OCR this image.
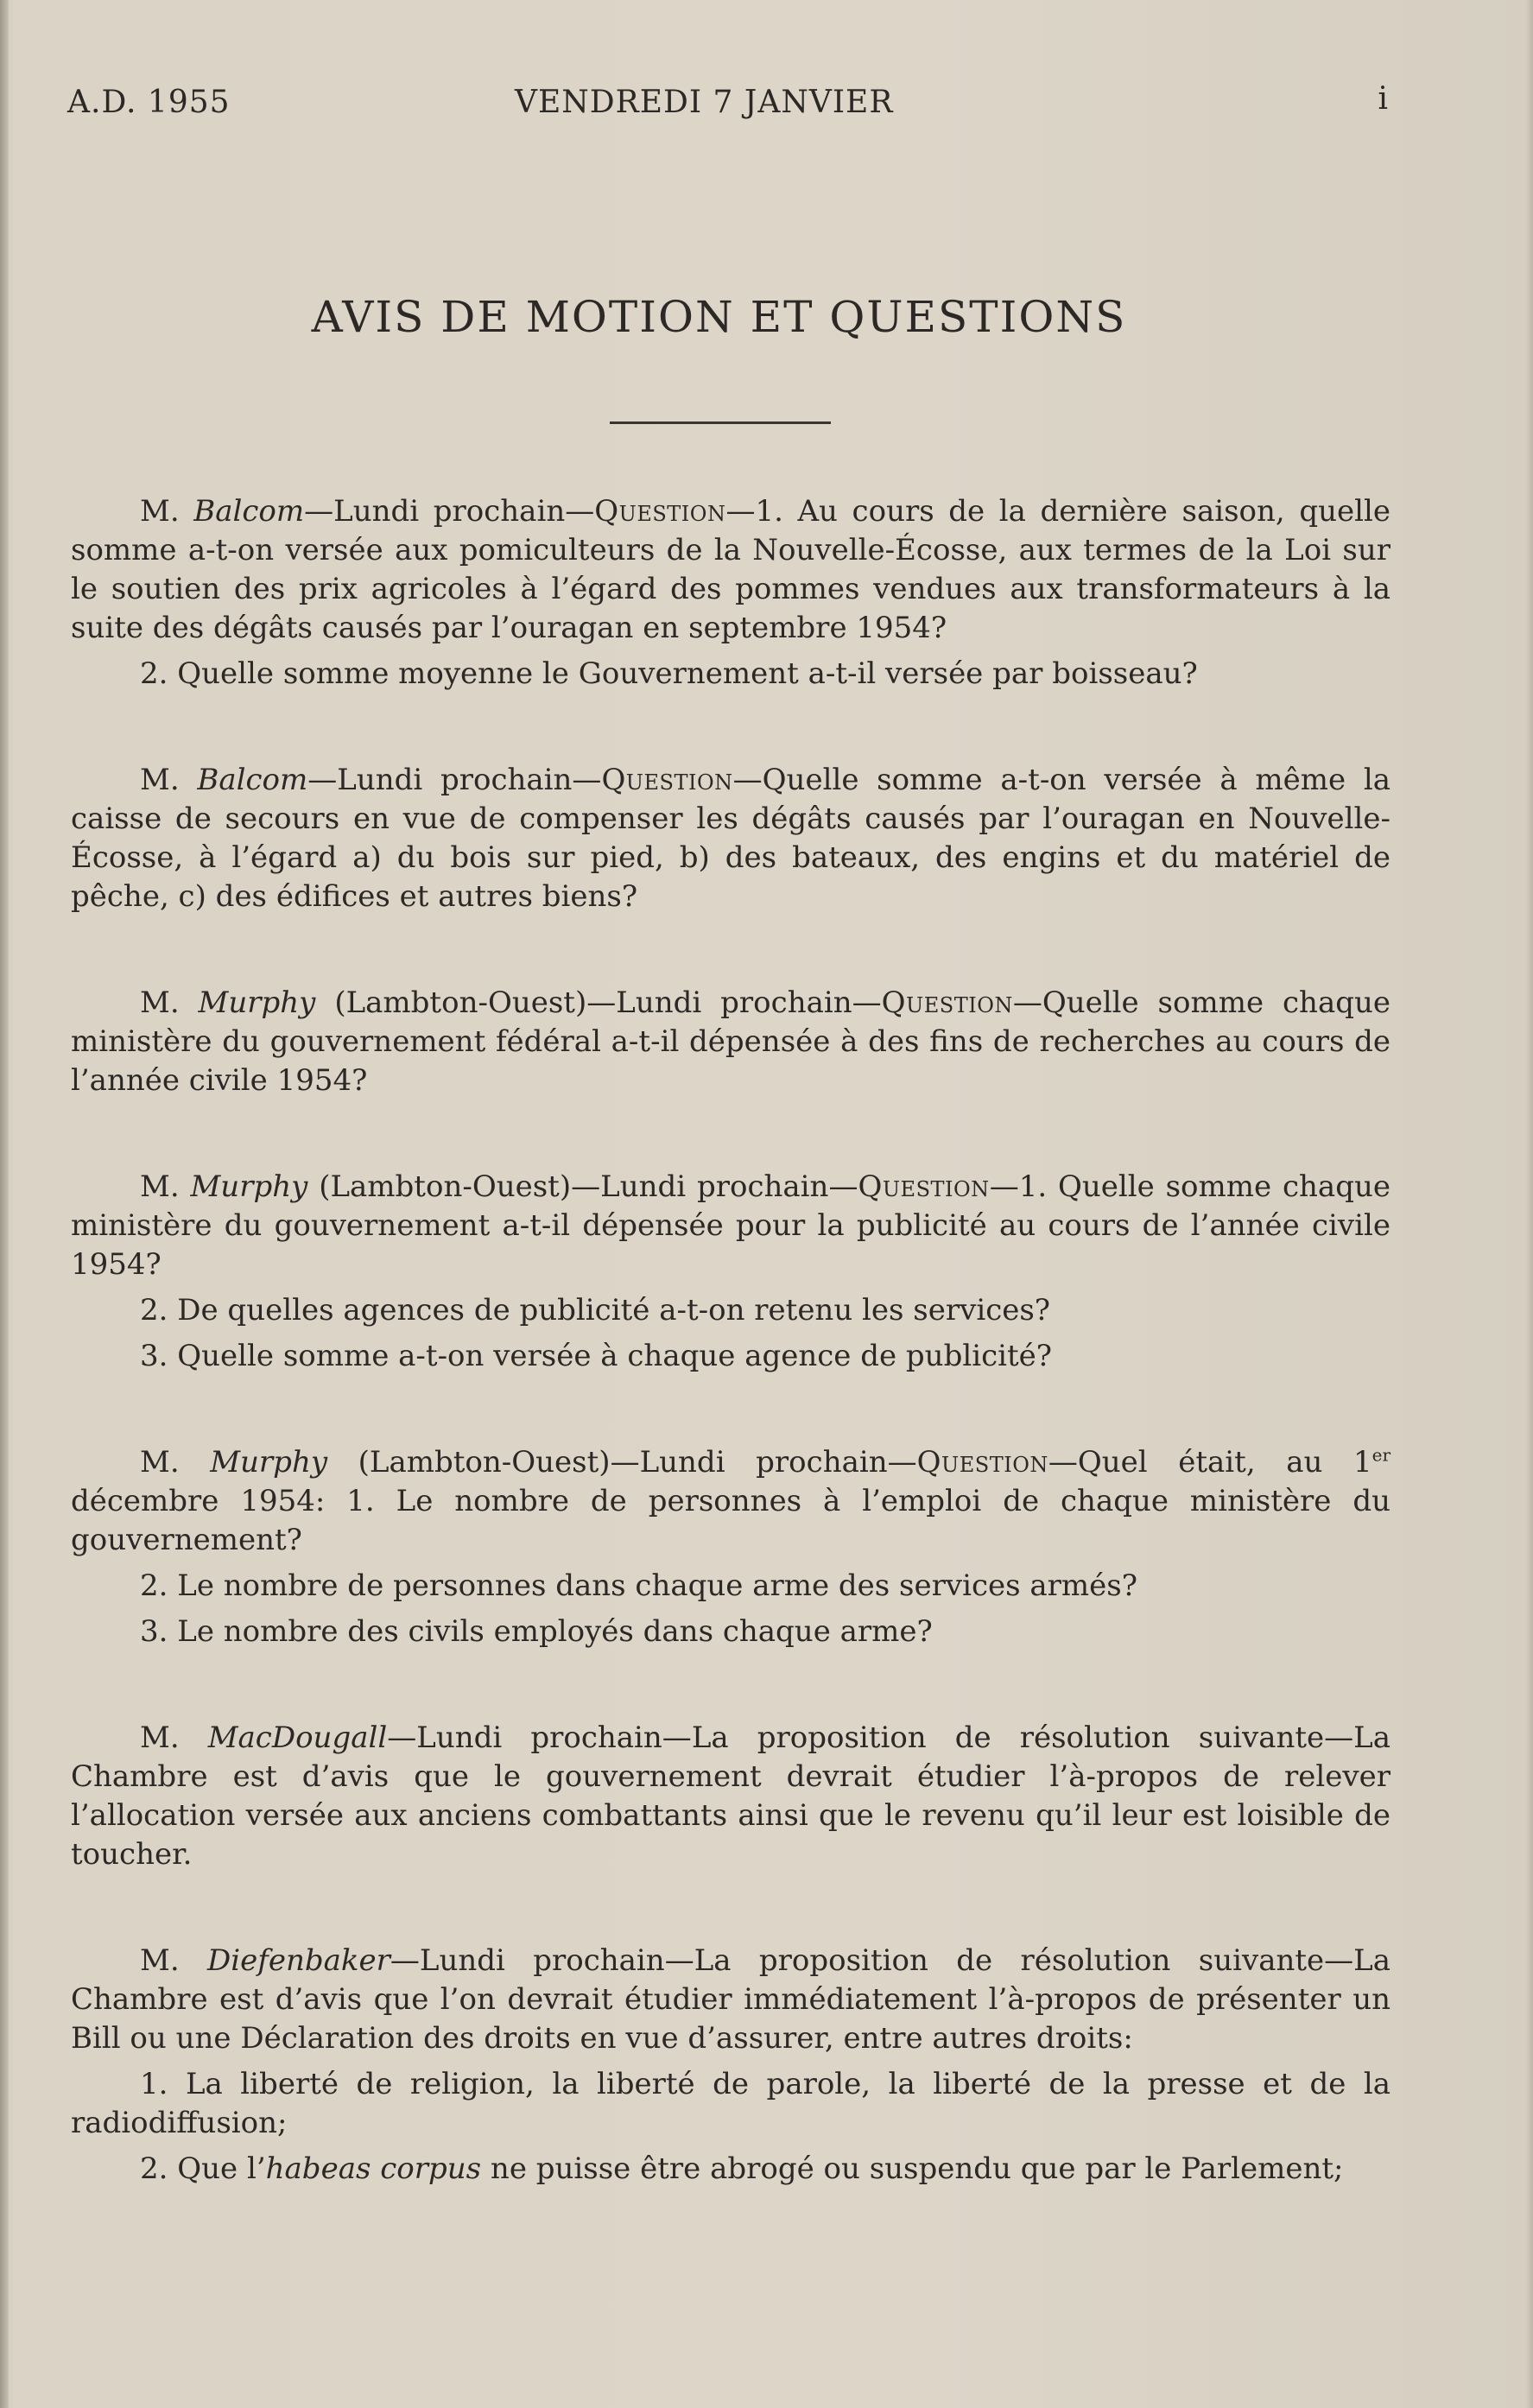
A.D. 1955	VENDREDI 7 JANVIER	i
AVIS DE MOTION ET QUESTIONS

M. Balcom—Lundi prochain—Question—1. Au cours de la dernière saison, quelle somme a-t-on versée aux pomiculteurs de la Nouvelle-Écosse, aux termes de la Loi sur le soutien des prix agricoles à l’égard des pommes vendues aux transformateurs à la suite des dégâts causés par l’ouragan en septembre 1954?

2. Quelle somme moyenne le Gouvernement a-t-il versée par boisseau?

M. Balcom—Lundi prochain—Question—Quelle somme a-t-on versée à même la caisse de secours en vue de compenser les dégâts causés par l’ouragan en Nouvelle-Écosse, à l’égard a) du bois sur pied, b) des bateaux, des engins et du matériel de pêche, c) des édifices et autres biens?

M. Murphy (Lambton-Ouest)—Lundi prochain—Question—Quelle somme chaque ministère du gouvernement fédéral a-t-il dépensée à des fins de recherches au cours de l’année civile 1954?

M. Murphy (Lambton-Ouest)—Lundi prochain—Question—1. Quelle somme chaque ministère du gouvernement a-t-il dépensée pour la publicité au cours de l’année civile 1954?

2. De quelles agences de publicité a-t-on retenu les services?

3. Quelle somme a-t-on versée à chaque agence de publicité?

M. Murphy (Lambton-Ouest)—Lundi prochain—Question—Quel était, au 1er décembre 1954: 1. Le nombre de personnes à l’emploi de chaque ministère du gouvernement?

2. Le nombre de personnes dans chaque arme des services armés?

3. Le nombre des civils employés dans chaque arme?

M. MacDougall—Lundi prochain—La proposition de résolution suivante—La Chambre est d’avis que le gouvernement devrait étudier l’à-propos de relever l’allocation versée aux anciens combattants ainsi que le revenu qu’il leur est loisible de toucher.

M. Diefenbaker—Lundi prochain—La proposition de résolution suivante—La Chambre est d’avis que l’on devrait étudier immédiatement l’à-propos de présenter un Bill ou une Déclaration des droits en vue d’assurer, entre autres droits:

1. La liberté de religion, la liberté de parole, la liberté de la presse et de la radiodiffusion;

2. Que l’habeas corpus ne puisse être abrogé ou suspendu que par le Parlement;
